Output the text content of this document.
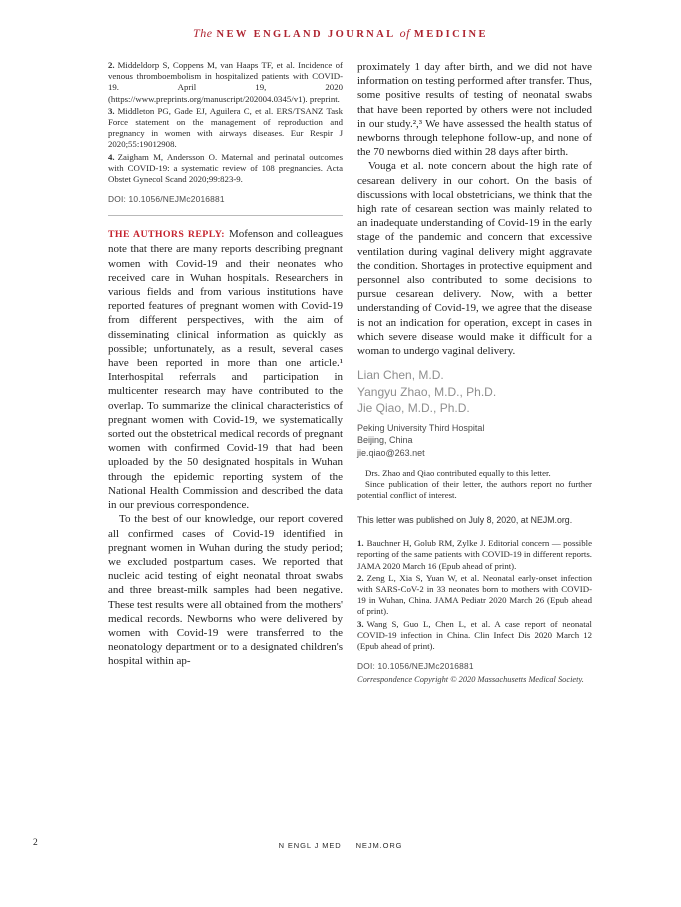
The NEW ENGLAND JOURNAL of MEDICINE

2. Middeldorp S, Coppens M, van Haaps TF, et al. Incidence of venous thromboembolism in hospitalized patients with COVID-19. April 19, 2020 (https://www.preprints.org/manuscript/202004.0345/v1). preprint.

3. Middleton PG, Gade EJ, Aguilera C, et al. ERS/TSANZ Task Force statement on the management of reproduction and pregnancy in women with airways diseases. Eur Respir J 2020;55:19012908.

4. Zaigham M, Andersson O. Maternal and perinatal outcomes with COVID-19: a systematic review of 108 pregnancies. Acta Obstet Gynecol Scand 2020;99:823-9.

DOI: 10.1056/NEJMc2016881

THE AUTHORS REPLY: Mofenson and colleagues note that there are many reports describing pregnant women with Covid-19 and their neonates who received care in Wuhan hospitals. Researchers in various fields and from various institutions have reported features of pregnant women with Covid-19 from different perspectives, with the aim of disseminating clinical information as quickly as possible; unfortunately, as a result, several cases have been reported in more than one article.¹ Interhospital referrals and participation in multicenter research may have contributed to the overlap. To summarize the clinical characteristics of pregnant women with Covid-19, we systematically sorted out the obstetrical medical records of pregnant women with confirmed Covid-19 that had been uploaded by the 50 designated hospitals in Wuhan through the epidemic reporting system of the National Health Commission and described the data in our previous correspondence.

To the best of our knowledge, our report covered all confirmed cases of Covid-19 identified in pregnant women in Wuhan during the study period; we excluded postpartum cases. We reported that nucleic acid testing of eight neonatal throat swabs and three breast-milk samples had been negative. These test results were all obtained from the mothers' medical records. Newborns who were delivered by women with Covid-19 were transferred to the neonatology department or to a designated children's hospital within ap-

proximately 1 day after birth, and we did not have information on testing performed after transfer. Thus, some positive results of testing of neonatal swabs that have been reported by others were not included in our study.²,³ We have assessed the health status of newborns through telephone follow-up, and none of the 70 newborns died within 28 days after birth.

Vouga et al. note concern about the high rate of cesarean delivery in our cohort. On the basis of discussions with local obstetricians, we think that the high rate of cesarean section was mainly related to an inadequate understanding of Covid-19 in the early stage of the pandemic and concern that excessive ventilation during vaginal delivery might aggravate the condition. Shortages in protective equipment and personnel also contributed to some decisions to pursue cesarean delivery. Now, with a better understanding of Covid-19, we agree that the disease is not an indication for operation, except in cases in which severe disease would make it difficult for a woman to undergo vaginal delivery.

Lian Chen, M.D.
Yangyu Zhao, M.D., Ph.D.
Jie Qiao, M.D., Ph.D.
Peking University Third Hospital
Beijing, China
jie.qiao@263.net

Drs. Zhao and Qiao contributed equally to this letter.

Since publication of their letter, the authors report no further potential conflict of interest.

This letter was published on July 8, 2020, at NEJM.org.

1. Bauchner H, Golub RM, Zylke J. Editorial concern — possible reporting of the same patients with COVID-19 in different reports. JAMA 2020 March 16 (Epub ahead of print).

2. Zeng L, Xia S, Yuan W, et al. Neonatal early-onset infection with SARS-CoV-2 in 33 neonates born to mothers with COVID-19 in Wuhan, China. JAMA Pediatr 2020 March 26 (Epub ahead of print).

3. Wang S, Guo L, Chen L, et al. A case report of neonatal COVID-19 infection in China. Clin Infect Dis 2020 March 12 (Epub ahead of print).

DOI: 10.1056/NEJMc2016881
Correspondence Copyright © 2020 Massachusetts Medical Society.
2	N ENGL J MED NEJM.ORG
